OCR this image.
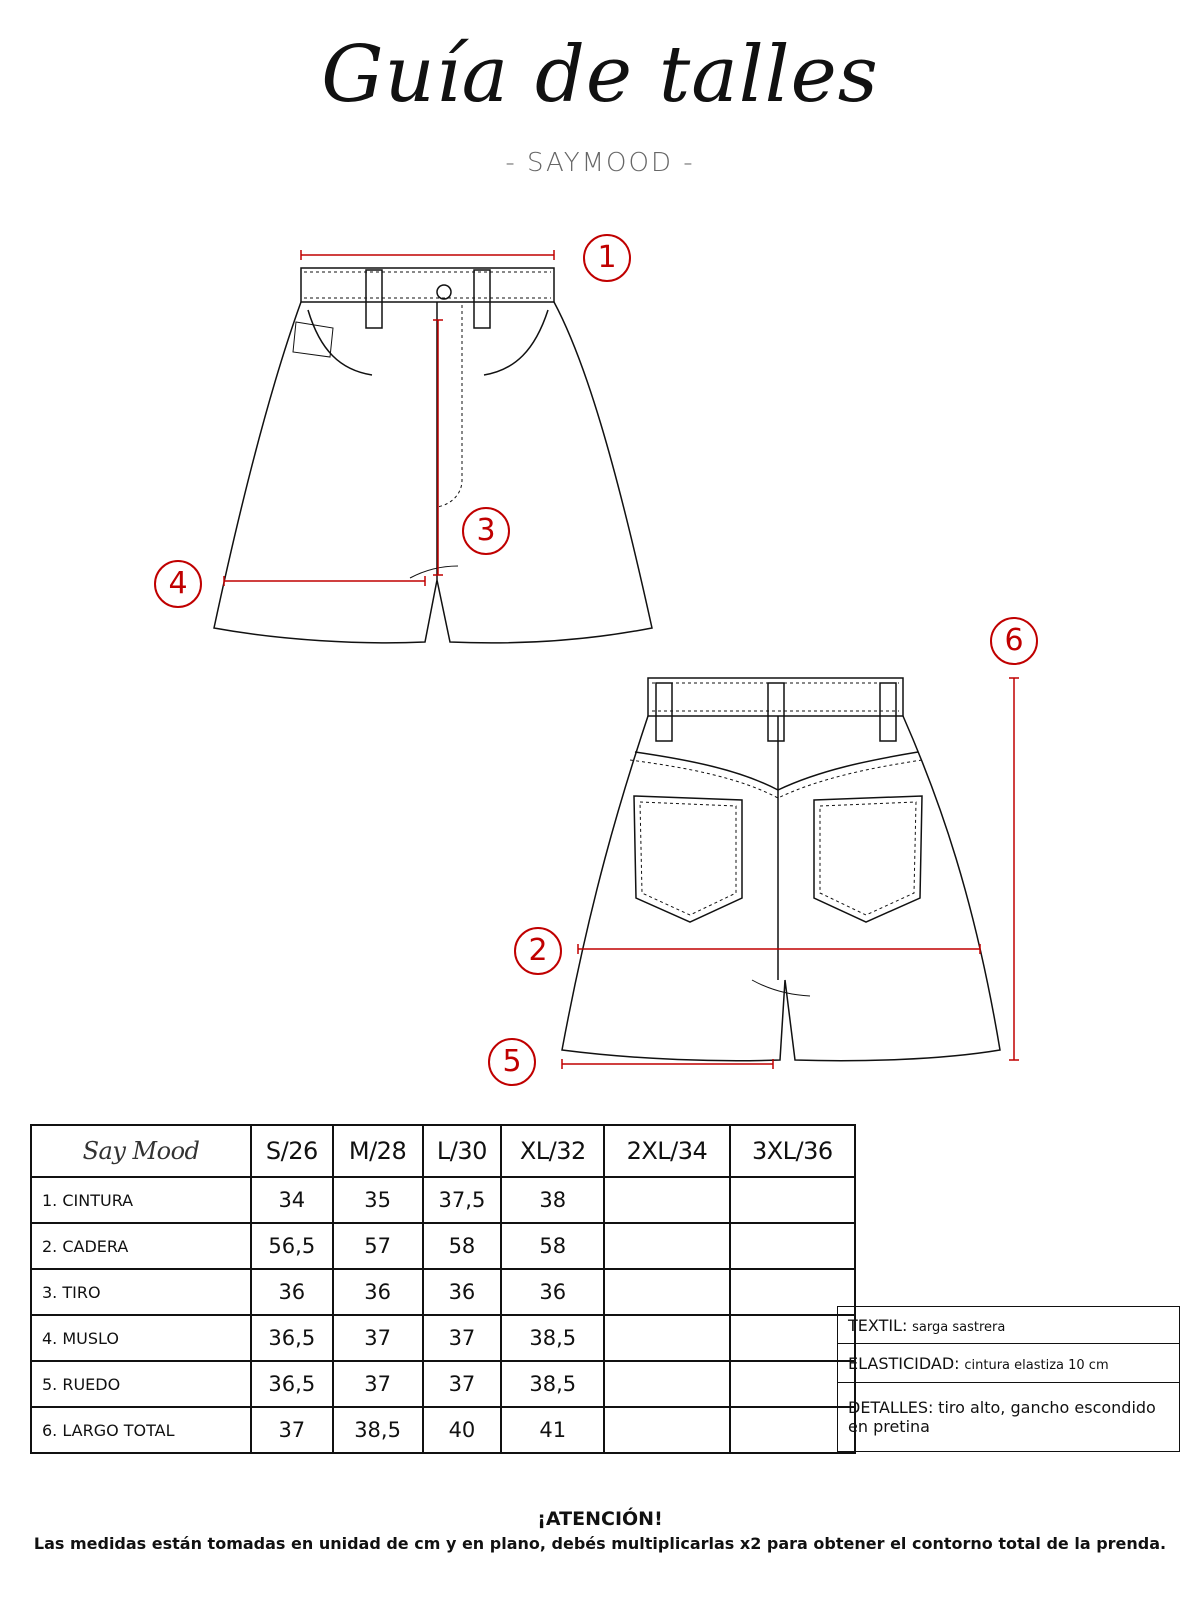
Guía de talles
- SAYMOOD -
1
3
4
6
2
5
Say Mood	S/26	M/28	L/30	XL/32	2XL/34	3XL/36
1. CINTURA	34	35	37,5	38		
2. CADERA	56,5	57	58	58		
3. TIRO	36	36	36	36		
4. MUSLO	36,5	37	37	38,5		
5. RUEDO	36,5	37	37	38,5		
6. LARGO TOTAL	37	38,5	40	41		
TEXTIL: sarga sastrera
ELASTICIDAD: cintura elastiza 10 cm
DETALLES: tiro alto, gancho escondido en pretina
¡ATENCIÓN!
Las medidas están tomadas en unidad de cm y en plano, debés multiplicarlas x2 para obtener el contorno total de la prenda.
